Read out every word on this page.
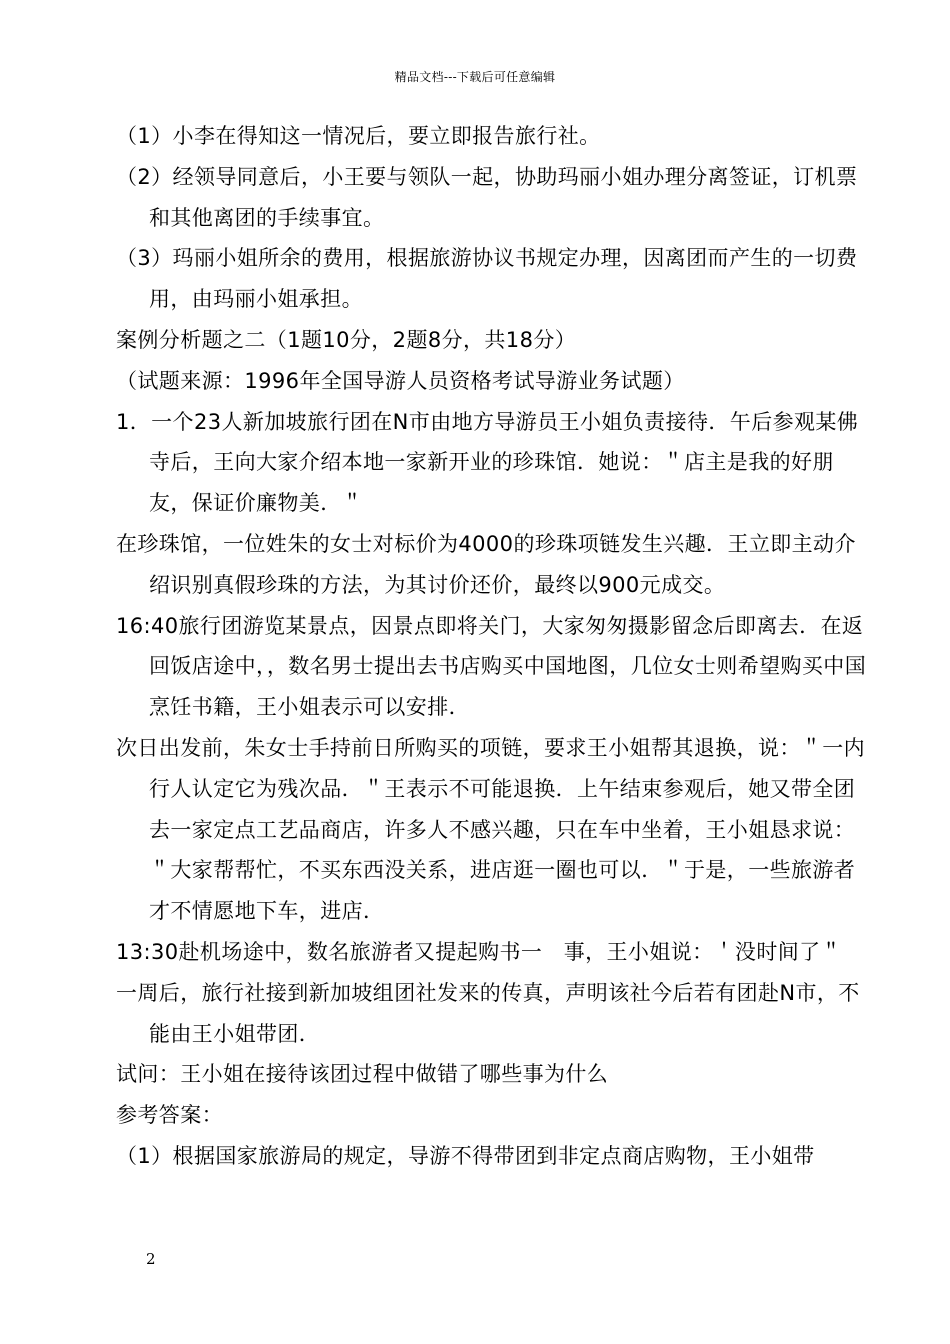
精品文档---下载后可任意编辑

（1）小李在得知这一情况后，要立即报告旅行社。

（2）经领导同意后，小王要与领队一起，协助玛丽小姐办理分离签证，订机票和其他离团的手续事宜。

（3）玛丽小姐所余的费用，根据旅游协议书规定办理，因离团而产生的一切费用，由玛丽小姐承担。

案例分析题之二（1题10分，2题8分，共18分）

（试题来源：1996年全国导游人员资格考试导游业务试题）

1．一个23人新加坡旅行团在N市由地方导游员王小姐负责接待．午后参观某佛寺后，王向大家介绍本地一家新开业的珍珠馆．她说：＂店主是我的好朋友，保证价廉物美．＂

在珍珠馆，一位姓朱的女士对标价为4000的珍珠项链发生兴趣．王立即主动介绍识别真假珍珠的方法，为其讨价还价，最终以900元成交。

16:40旅行团游览某景点，因景点即将关门，大家匆匆摄影留念后即离去．在返回饭店途中，，数名男士提出去书店购买中国地图，几位女士则希望购买中国烹饪书籍，王小姐表示可以安排．

次日出发前，朱女士手持前日所购买的项链，要求王小姐帮其退换，说：＂一内行人认定它为残次品．＂王表示不可能退换．上午结束参观后，她又带全团去一家定点工艺品商店，许多人不感兴趣，只在车中坐着，王小姐恳求说：＂大家帮帮忙，不买东西没关系，进店逛一圈也可以．＂于是，一些旅游者才不情愿地下车，进店．

13:30赴机场途中，数名旅游者又提起购书一　事，王小姐说：＇没时间了＂

一周后，旅行社接到新加坡组团社发来的传真，声明该社今后若有团赴N市，不能由王小姐带团．

试问：王小姐在接待该团过程中做错了哪些事为什么

参考答案：

（1）根据国家旅游局的规定，导游不得带团到非定点商店购物，王小姐带

2
